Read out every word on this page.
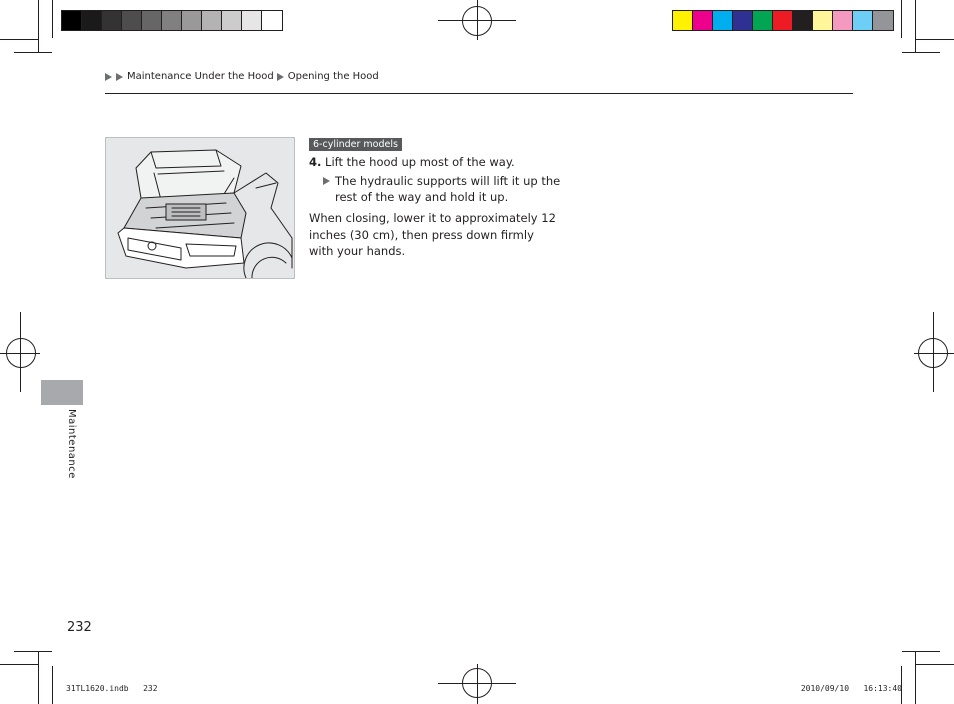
Maintenance Under the Hood Opening the Hood
6-cylinder models
4. Lift the hood up most of the way.
The hydraulic supports will lift it up the rest of the way and hold it up.
When closing, lower it to approximately 12 inches (30 cm), then press down firmly with your hands.
Maintenance
232
31TL1620.indb   232	2010/09/10   16:13:40
